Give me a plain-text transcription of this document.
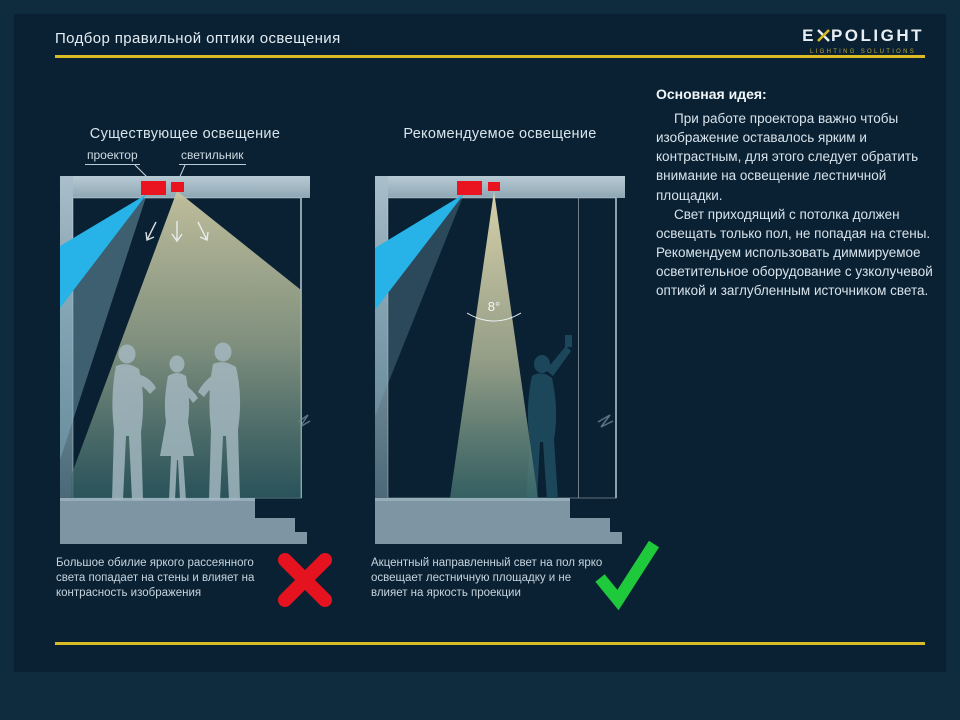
Подбор правильной оптики освещения	E POLIGHT
LIGHTING SOLUTIONS
Основная идея:

При работе проектора важно чтобы изображение оставалось ярким и контрастным, для этого следует обратить внимание на освещение лестничной площадки.

Свет приходящий с потолка должен освещать только пол, не попадая на стены.

Рекомендуем использовать диммируемое осветительное оборудование с узколучевой оптикой и заглубленным источником света.

Существующее освещение
проектор	светильник
Рекомендуемое освещение
8°
Большое обилие яркого рассеянного света попадает на стены и влияет на контрасность изображения
Акцентный направленный свет на пол ярко освещает лестничную площадку и не влияет на яркость проекции
